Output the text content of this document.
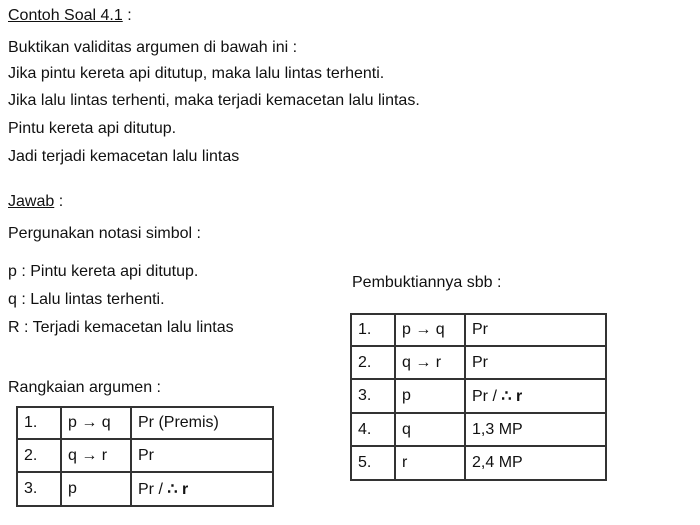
Contoh Soal 4.1 :
Buktikan validitas argumen di bawah ini :
Jika pintu kereta api ditutup, maka lalu lintas terhenti.
Jika lalu lintas terhenti, maka terjadi kemacetan lalu lintas.
Pintu kereta api ditutup.
Jadi terjadi kemacetan lalu lintas
Jawab :
Pergunakan notasi simbol :
p : Pintu kereta api ditutup.
q : Lalu lintas terhenti.
R : Terjadi kemacetan lalu lintas
Rangkaian argumen :
1.	p → q	Pr (Premis)
2.	q → r	Pr
3.	p	Pr / ∴ r
Pembuktiannya sbb :
1.	p → q	Pr
2.	q → r	Pr
3.	p	Pr / ∴ r
4.	q	1,3 MP
5.	r	2,4 MP
